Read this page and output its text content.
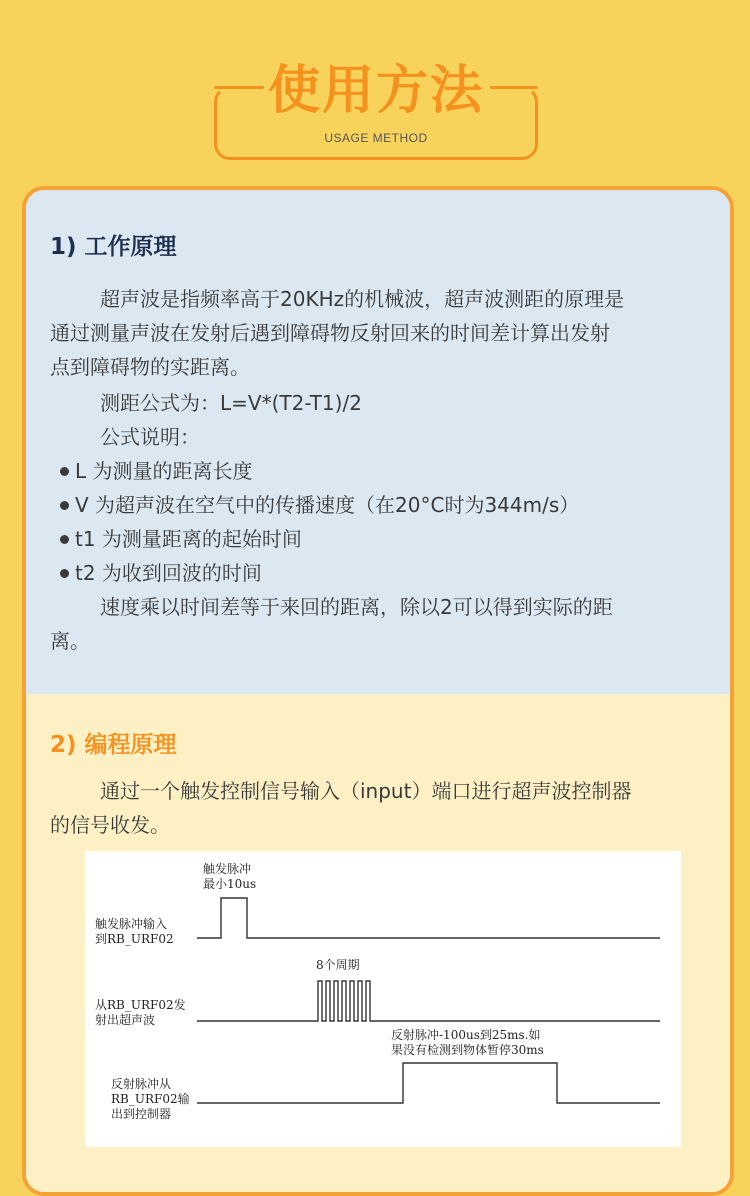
使用方法
USAGE METHOD
1) 工作原理
超声波是指频率高于20KHz的机械波，超声波测距的原理是
通过测量声波在发射后遇到障碍物反射回来的时间差计算出发射
点到障碍物的实距离。
测距公式为：L=V*(T2-T1)/2
公式说明：
L 为测量的距离长度
V 为超声波在空气中的传播速度（在20°C时为344m/s）
t1 为测量距离的起始时间
t2 为收到回波的时间
速度乘以时间差等于来回的距离，除以2可以得到实际的距
离。
2) 编程原理
通过一个触发控制信号输入（input）端口进行超声波控制器
的信号收发。
触发脉冲
最小10us
触发脉冲输入
到RB_URF02
8个周期
从RB_URF02发
射出超声波
反射脉冲-100us到25ms.如
果没有检测到物体暂停30ms
反射脉冲从
RB_URF02输
出到控制器
